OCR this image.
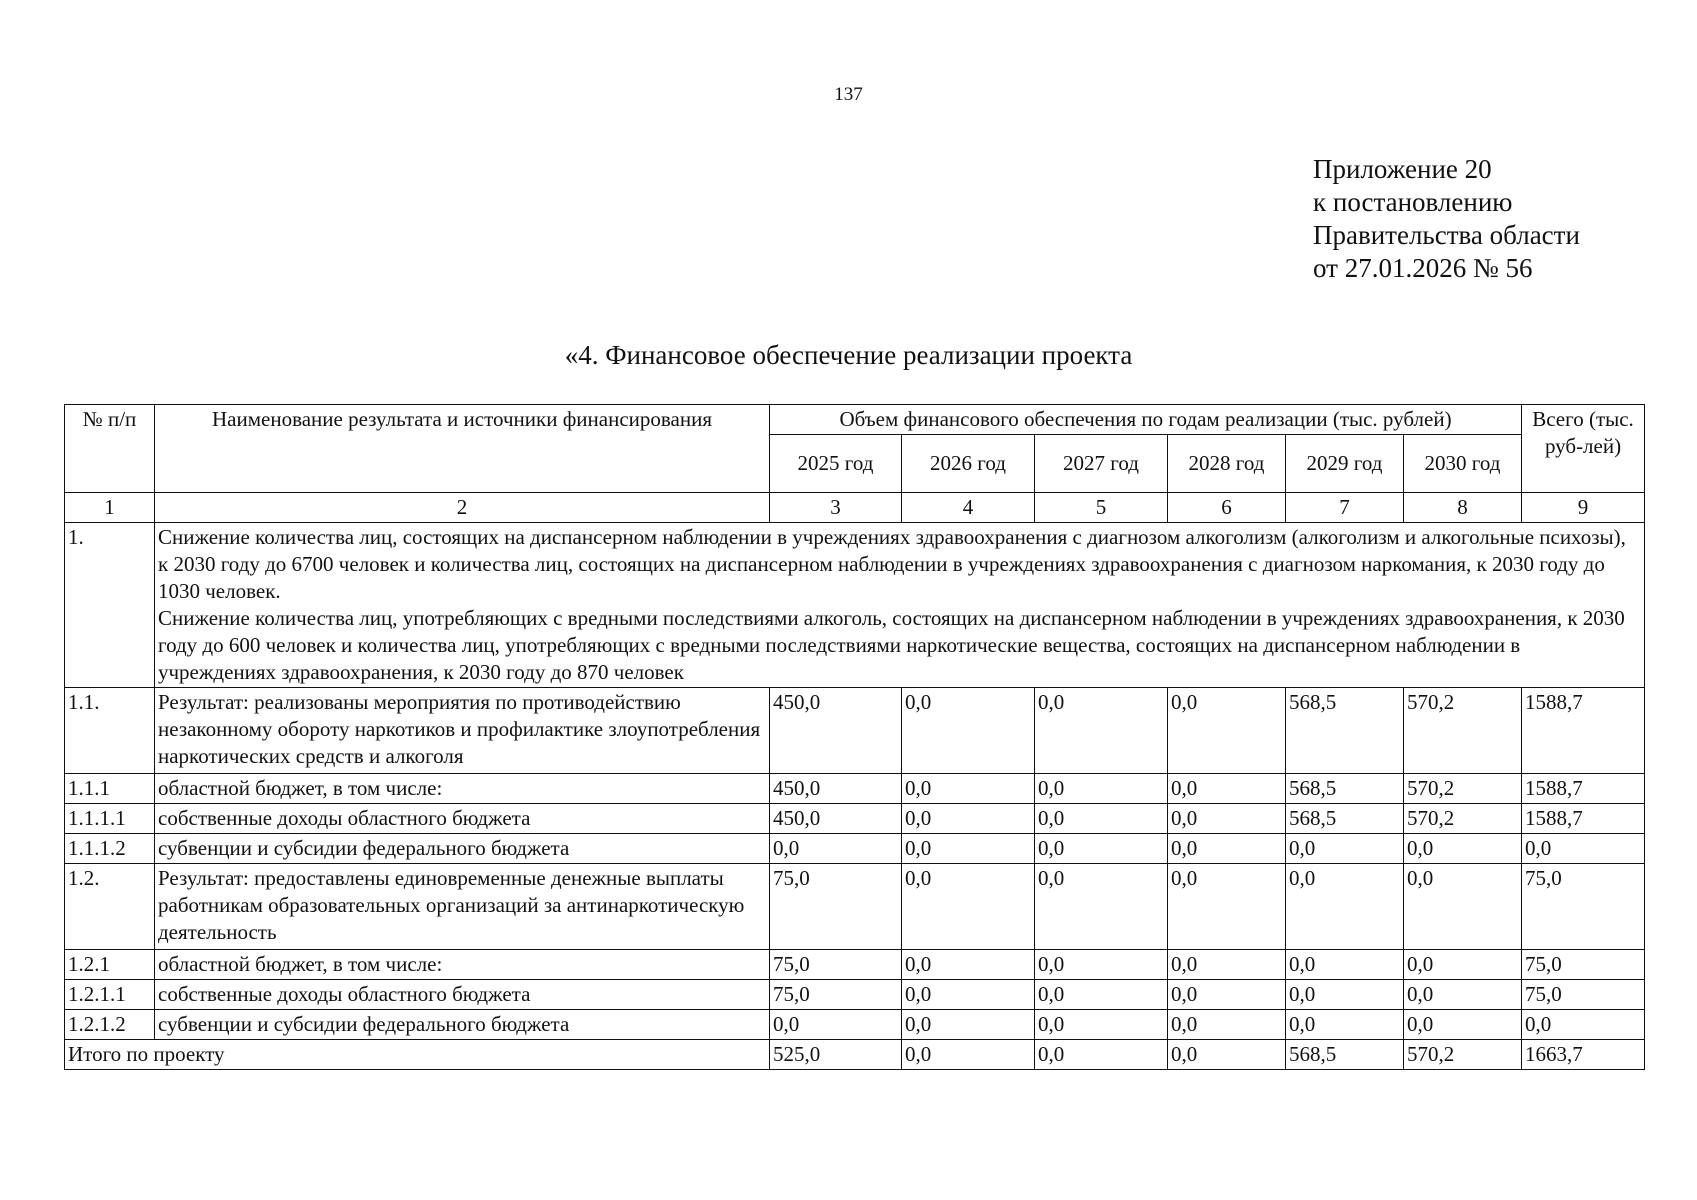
137
Приложение 20
к постановлению
Правительства области
от 27.01.2026 № 56
«4. Финансовое обеспечение реализации проекта
№ п/п	Наименование результата и источники финансирования	Объем финансового обеспечения по годам реализации (тыс. рублей)						Всего (тыс. руб-лей)
		2025 год	2026 год	2027 год	2028 год	2029 год	2030 год	
1	2	3	4	5	6	7	8	9
1.	Снижение количества лиц, состоящих на диспансерном наблюдении в учреждениях здравоохранения с диагнозом алкоголизм (алкоголизм и алкогольные психозы), к 2030 году до 6700 человек и количества лиц, состоящих на диспансерном наблюдении в учреждениях здравоохранения с диагнозом наркомания, к 2030 году до 1030 человек.
Снижение количества лиц, употребляющих с вредными последствиями алкоголь, состоящих на диспансерном наблюдении в учреждениях здравоохранения, к 2030 году до 600 человек и количества лиц, употребляющих с вредными последствиями наркотические вещества, состоящих на диспансерном наблюдении в учреждениях здравоохранения, к 2030 году до 870 человек							

1.1.	Результат: реализованы мероприятия по противодействию незаконному обороту наркотиков и профилактике злоупотребления наркотических средств и алкоголя	450,0	0,0	0,0	0,0	568,5	570,2	1588,7
1.1.1	областной бюджет, в том числе:	450,0	0,0	0,0	0,0	568,5	570,2	1588,7
1.1.1.1	собственные доходы областного бюджета	450,0	0,0	0,0	0,0	568,5	570,2	1588,7
1.1.1.2	субвенции и субсидии федерального бюджета	0,0	0,0	0,0	0,0	0,0	0,0	0,0
1.2.	Результат: предоставлены единовременные денежные выплаты работникам образовательных организаций за антинаркотическую деятельность	75,0	0,0	0,0	0,0	0,0	0,0	75,0
1.2.1	областной бюджет, в том числе:	75,0	0,0	0,0	0,0	0,0	0,0	75,0
1.2.1.1	собственные доходы областного бюджета	75,0	0,0	0,0	0,0	0,0	0,0	75,0
1.2.1.2	субвенции и субсидии федерального бюджета	0,0	0,0	0,0	0,0	0,0	0,0	0,0
Итого по проекту		525,0	0,0	0,0	0,0	568,5	570,2	1663,7
